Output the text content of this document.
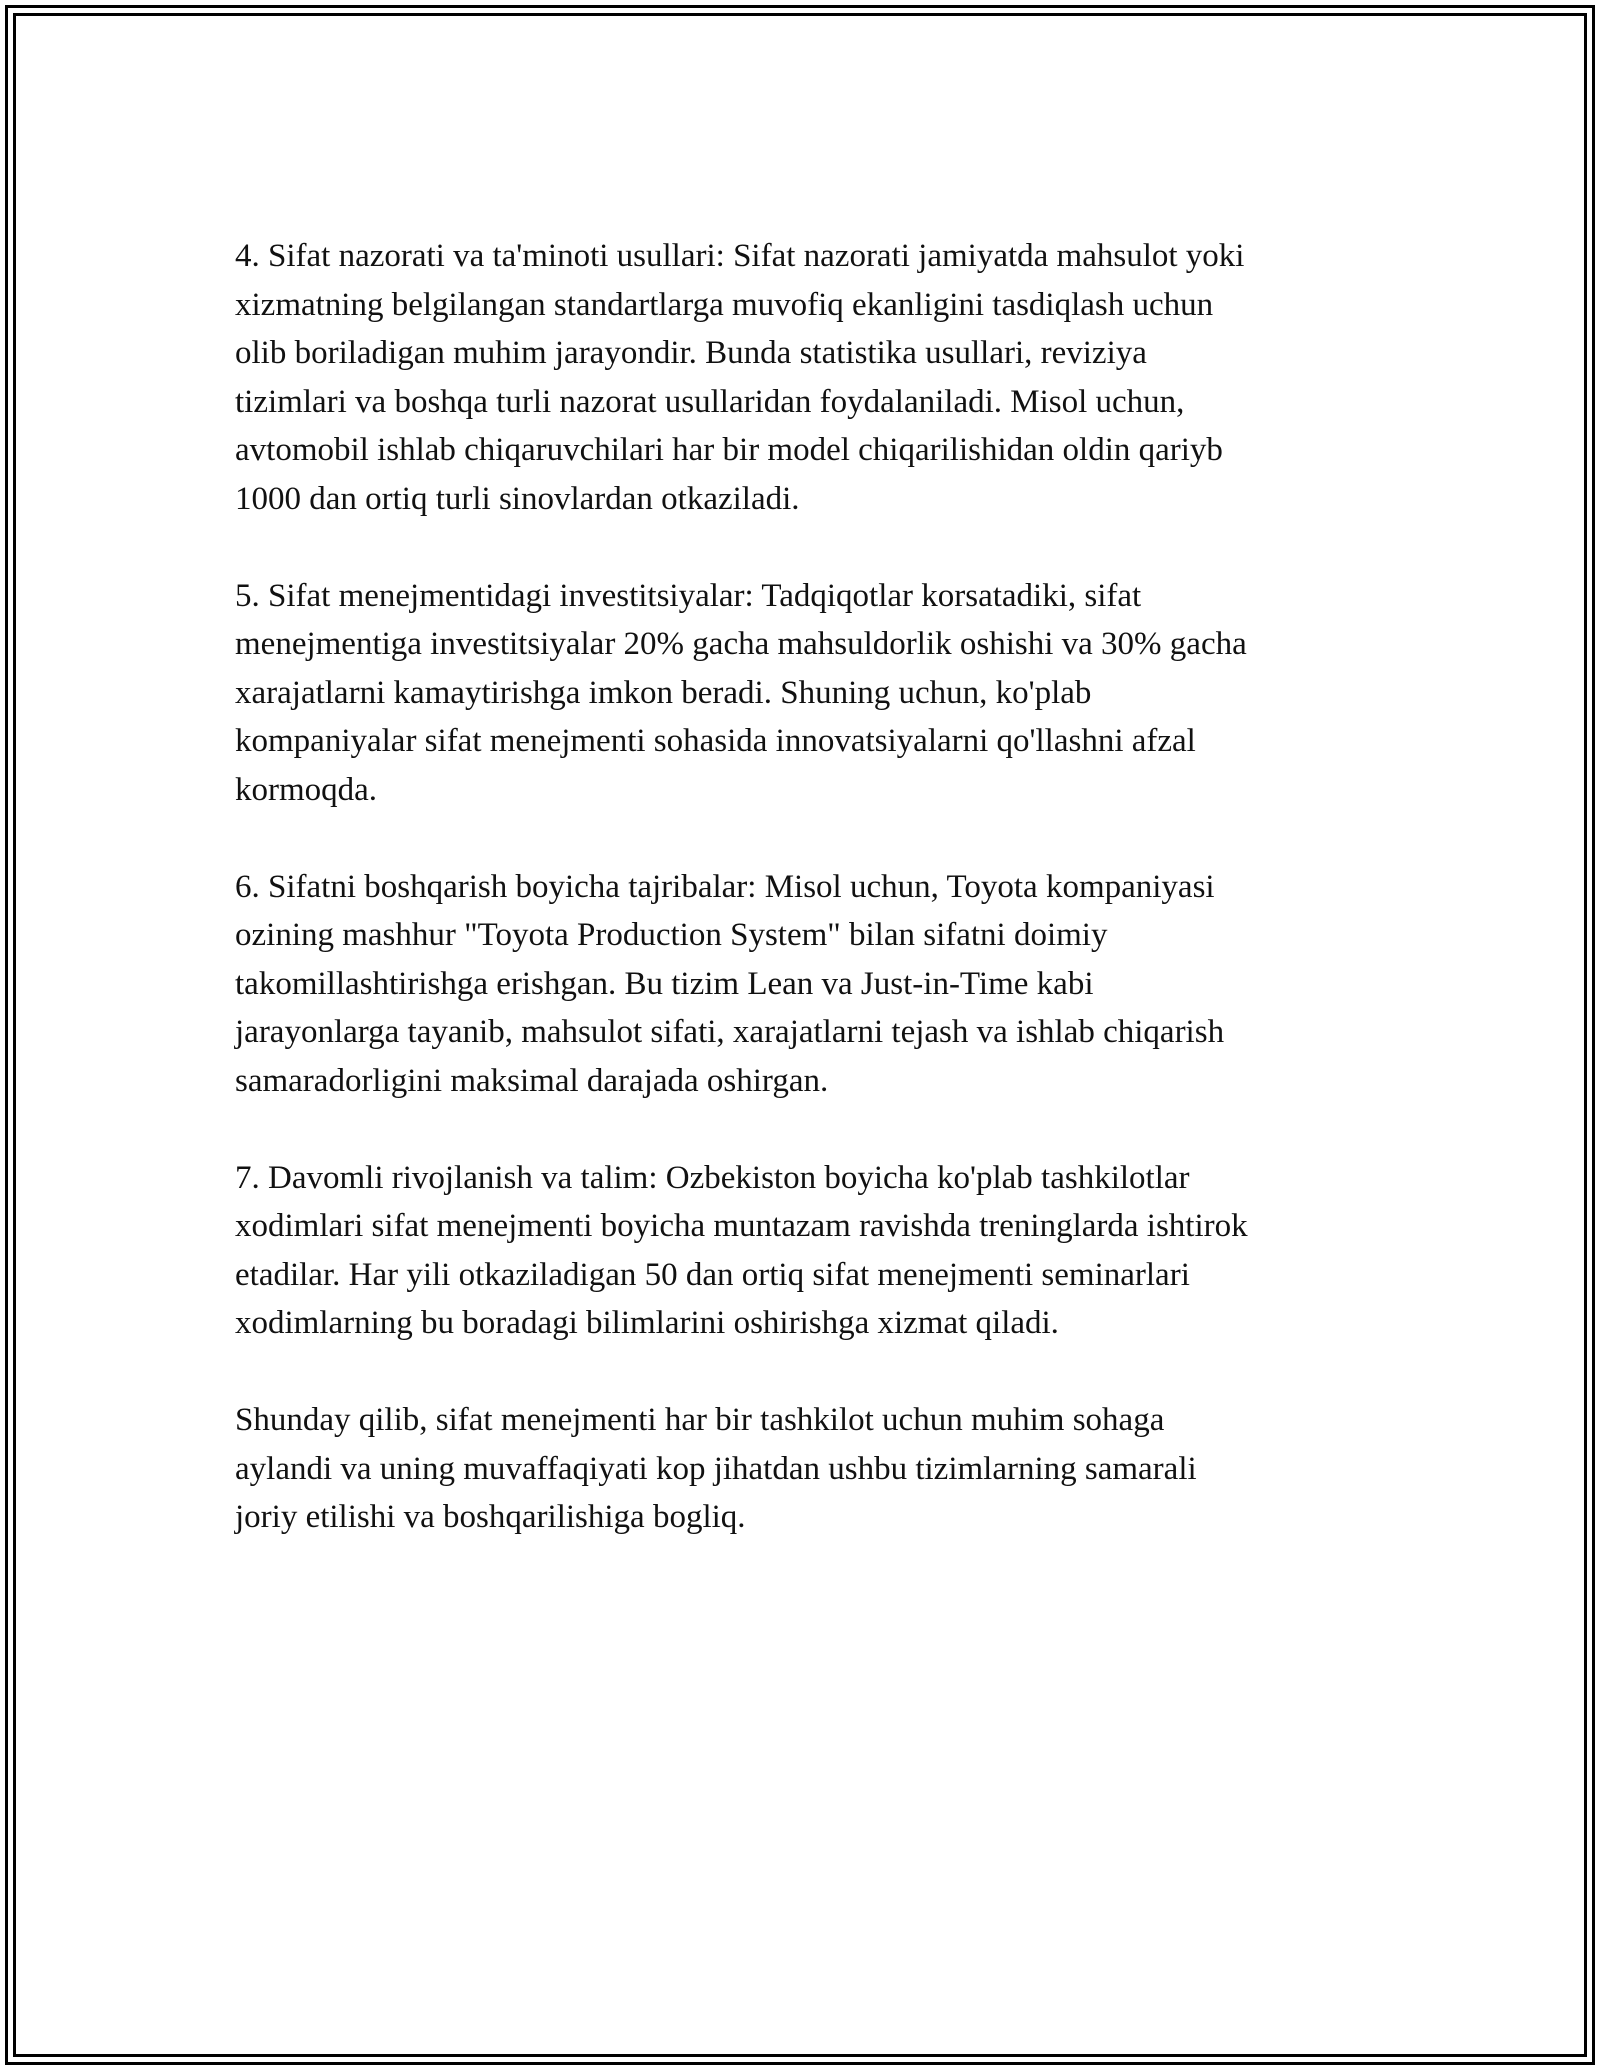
4. Sifat nazorati va ta'minoti usullari: Sifat nazorati jamiyatda mahsulot yoki
xizmatning belgilangan standartlarga muvofiq ekanligini tasdiqlash uchun
olib boriladigan muhim jarayondir. Bunda statistika usullari, reviziya
tizimlari va boshqa turli nazorat usullaridan foydalaniladi. Misol uchun,
avtomobil ishlab chiqaruvchilari har bir model chiqarilishidan oldin qariyb
1000 dan ortiq turli sinovlardan otkaziladi.

5. Sifat menejmentidagi investitsiyalar: Tadqiqotlar korsatadiki, sifat
menejmentiga investitsiyalar 20% gacha mahsuldorlik oshishi va 30% gacha
xarajatlarni kamaytirishga imkon beradi. Shuning uchun, ko'plab
kompaniyalar sifat menejmenti sohasida innovatsiyalarni qo'llashni afzal
kormoqda.

6. Sifatni boshqarish boyicha tajribalar: Misol uchun, Toyota kompaniyasi
ozining mashhur "Toyota Production System" bilan sifatni doimiy
takomillashtirishga erishgan. Bu tizim Lean va Just-in-Time kabi
jarayonlarga tayanib, mahsulot sifati, xarajatlarni tejash va ishlab chiqarish
samaradorligini maksimal darajada oshirgan.

7. Davomli rivojlanish va talim: Ozbekiston boyicha ko'plab tashkilotlar
xodimlari sifat menejmenti boyicha muntazam ravishda treninglarda ishtirok
etadilar. Har yili otkaziladigan 50 dan ortiq sifat menejmenti seminarlari
xodimlarning bu boradagi bilimlarini oshirishga xizmat qiladi.

Shunday qilib, sifat menejmenti har bir tashkilot uchun muhim sohaga
aylandi va uning muvaffaqiyati kop jihatdan ushbu tizimlarning samarali
joriy etilishi va boshqarilishiga bogliq.
